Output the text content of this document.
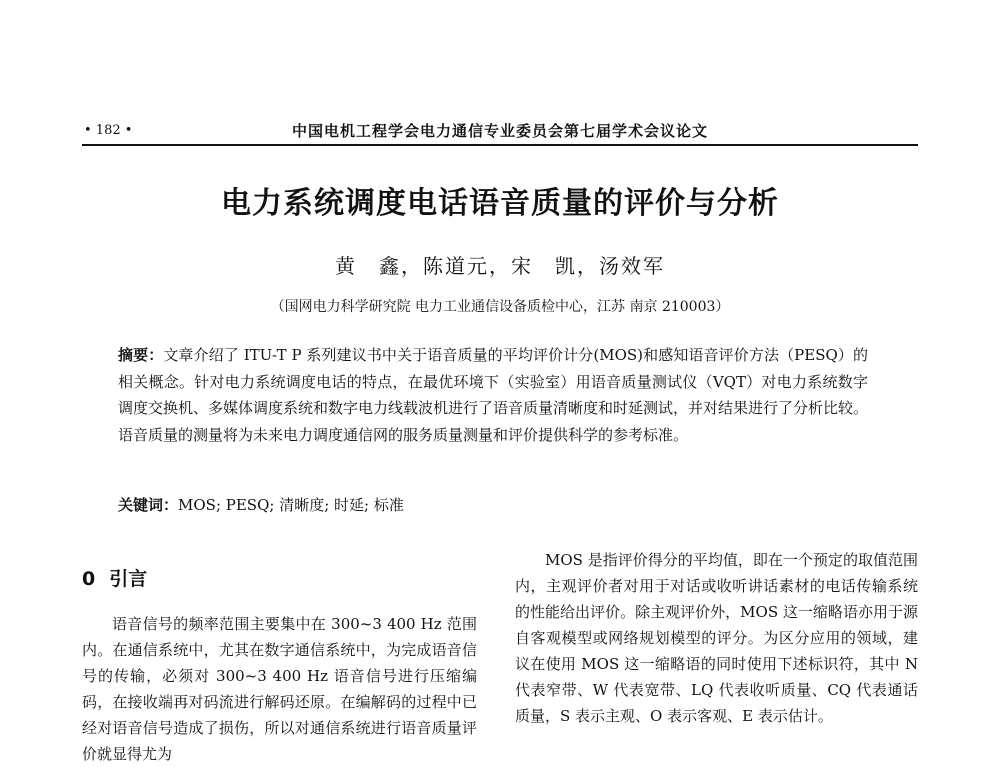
• 182 •	中国电机工程学会电力通信专业委员会第七届学术会议论文
电力系统调度电话语音质量的评价与分析
黄　鑫，陈道元，宋　凯，汤效军
（国网电力科学研究院 电力工业通信设备质检中心，江苏 南京 210003）
摘要：文章介绍了 ITU-T P 系列建议书中关于语音质量的平均评价计分(MOS)和感知语音评价方法（PESQ）的相关概念。针对电力系统调度电话的特点，在最优环境下（实验室）用语音质量测试仪（VQT）对电力系统数字调度交换机、多媒体调度系统和数字电力线载波机进行了语音质量清晰度和时延测试，并对结果进行了分析比较。语音质量的测量将为未来电力调度通信网的服务质量测量和评价提供科学的参考标准。
关键词：MOS; PESQ; 清晰度; 时延; 标准
0 引言
语音信号的频率范围主要集中在 300~3 400 Hz 范围内。在通信系统中，尤其在数字通信系统中，为完成语音信号的传输，必须对 300~3 400 Hz 语音信号进行压缩编码，在接收端再对码流进行解码还原。在编解码的过程中已经对语音信号造成了损伤，所以对通信系统进行语音质量评价就显得尤为
MOS 是指评价得分的平均值，即在一个预定的取值范围内，主观评价者对用于对话或收听讲话素材的电话传输系统的性能给出评价。除主观评价外，MOS 这一缩略语亦用于源自客观模型或网络规划模型的评分。为区分应用的领域，建议在使用 MOS 这一缩略语的同时使用下述标识符，其中 N 代表窄带、W 代表宽带、LQ 代表收听质量、CQ 代表通话质量，S 表示主观、O 表示客观、E 表示估计。
